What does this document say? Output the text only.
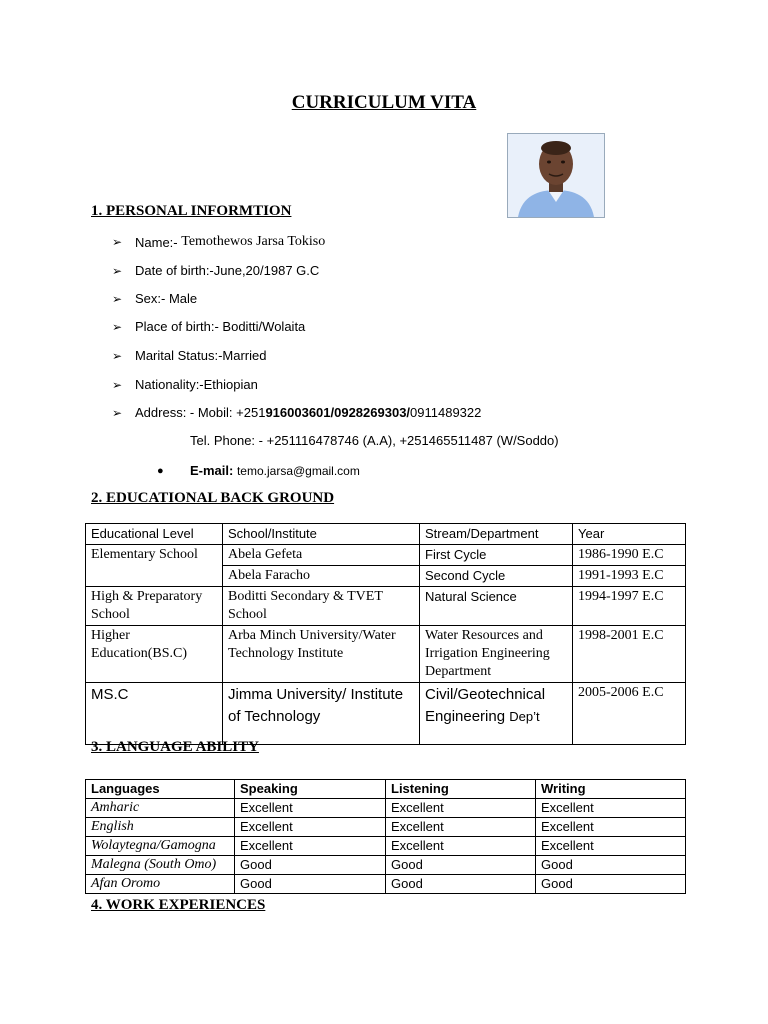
CURRICULUM VITA
1. PERSONAL INFORMTION
➢ Name:-
Temothewos Jarsa Tokiso
➢ Date of birth:-June,20/1987 G.C
➢ Sex:- Male
➢ Place of birth:- Boditti/Wolaita
➢ Marital Status:-Married
➢ Nationality:-Ethiopian
➢ Address: - Mobil: +251 916003601/0928269303/ 0911489322
Tel. Phone: - +251116478746 (A.A), +251465511487 (W/Soddo)
●	E-mail:
temo.jarsa@gmail.com
2. EDUCATIONAL BACK GROUND
Educational Level	School/Institute	Stream/Department	Year
Elementary School	Abela Gefeta	First Cycle	1986-1990 E.C
	Abela Faracho	Second Cycle	1991-1993 E.C
High & Preparatory School	Boditti Secondary & TVET School	Natural Science	1994-1997 E.C
Higher Education(BS.C)	Arba Minch University/Water Technology Institute	Water Resources and Irrigation Engineering Department	1998-2001 E.C
MS.C	Jimma University/ Institute of Technology	Civil/Geotechnical Engineering Dep’t	2005-2006 E.C
3. LANGUAGE ABILITY
Languages	Speaking	Listening	Writing
Amharic	Excellent	Excellent	Excellent
English	Excellent	Excellent	Excellent
Wolaytegna/Gamogna	Excellent	Excellent	Excellent
Malegna (South Omo)	Good	Good	Good
Afan Oromo	Good	Good	Good
4. WORK EXPERIENCES
